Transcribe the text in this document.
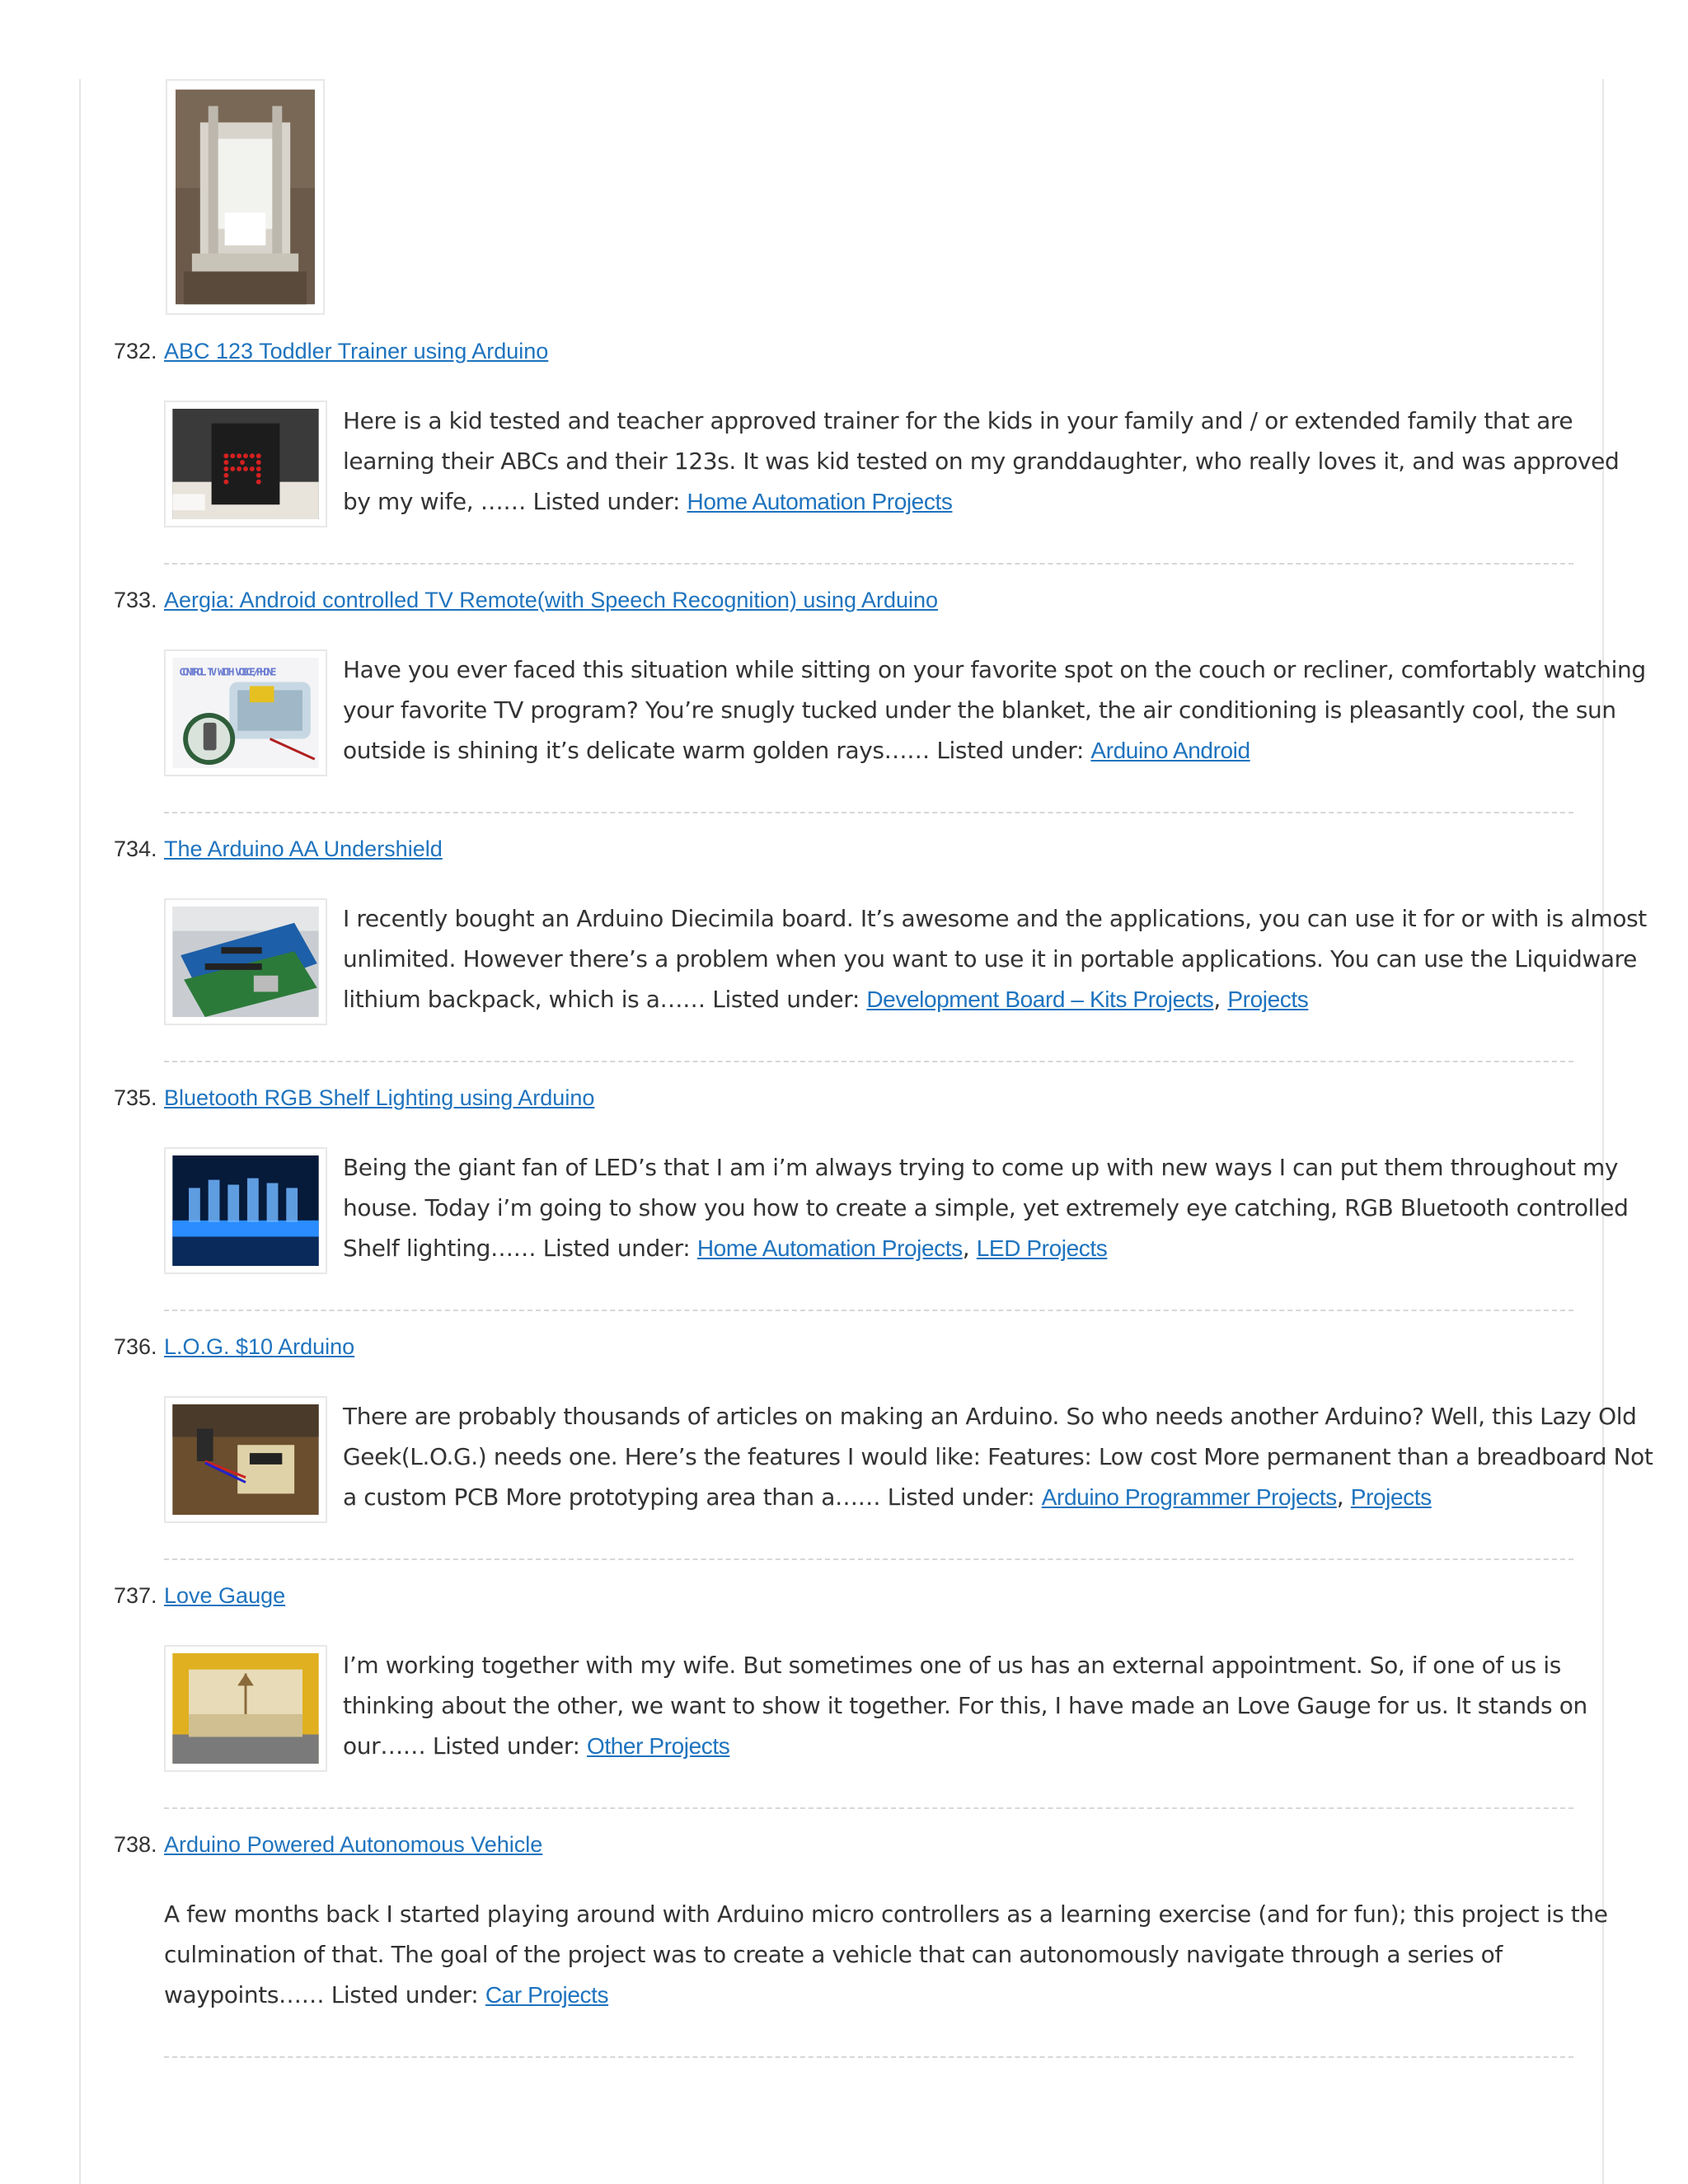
732. ABC 123 Toddler Trainer using Arduino
Here is a kid tested and teacher approved trainer for the kids in your family and / or extended family that are learning their ABCs and their 123s. It was kid tested on my granddaughter, who really loves it, and was approved by my wife, …… Listed under: Home Automation Projects
733. Aergia: Android controlled TV Remote(with Speech Recognition) using Arduino
CONTROL TV WITH VOICE/PHONE	Have you ever faced this situation while sitting on your favorite spot on the couch or recliner, comfortably watching your favorite TV program? You’re snugly tucked under the blanket, the air conditioning is pleasantly cool, the sun outside is shining it’s delicate warm golden rays…… Listed under: Arduino Android
734. The Arduino AA Undershield
I recently bought an Arduino Diecimila board. It’s awesome and the applications, you can use it for or with is almost unlimited. However there’s a problem when you want to use it in portable applications. You can use the Liquidware lithium backpack, which is a…… Listed under: Development Board – Kits Projects, Projects
735. Bluetooth RGB Shelf Lighting using Arduino
Being the giant fan of LED’s that I am i’m always trying to come up with new ways I can put them throughout my house. Today i’m going to show you how to create a simple, yet extremely eye catching, RGB Bluetooth controlled Shelf lighting…… Listed under: Home Automation Projects, LED Projects
736. L.O.G. $10 Arduino
There are probably thousands of articles on making an Arduino. So who needs another Arduino? Well, this Lazy Old Geek(L.O.G.) needs one. Here’s the features I would like: Features: Low cost More permanent than a breadboard Not a custom PCB More prototyping area than a…… Listed under: Arduino Programmer Projects, Projects
737. Love Gauge
I’m working together with my wife. But sometimes one of us has an external appointment. So, if one of us is thinking about the other, we want to show it together. For this, I have made an Love Gauge for us. It stands on our…… Listed under: Other Projects
738. Arduino Powered Autonomous Vehicle
A few months back I started playing around with Arduino micro controllers as a learning exercise (and for fun); this project is the culmination of that. The goal of the project was to create a vehicle that can autonomously navigate through a series of waypoints…… Listed under: Car Projects
